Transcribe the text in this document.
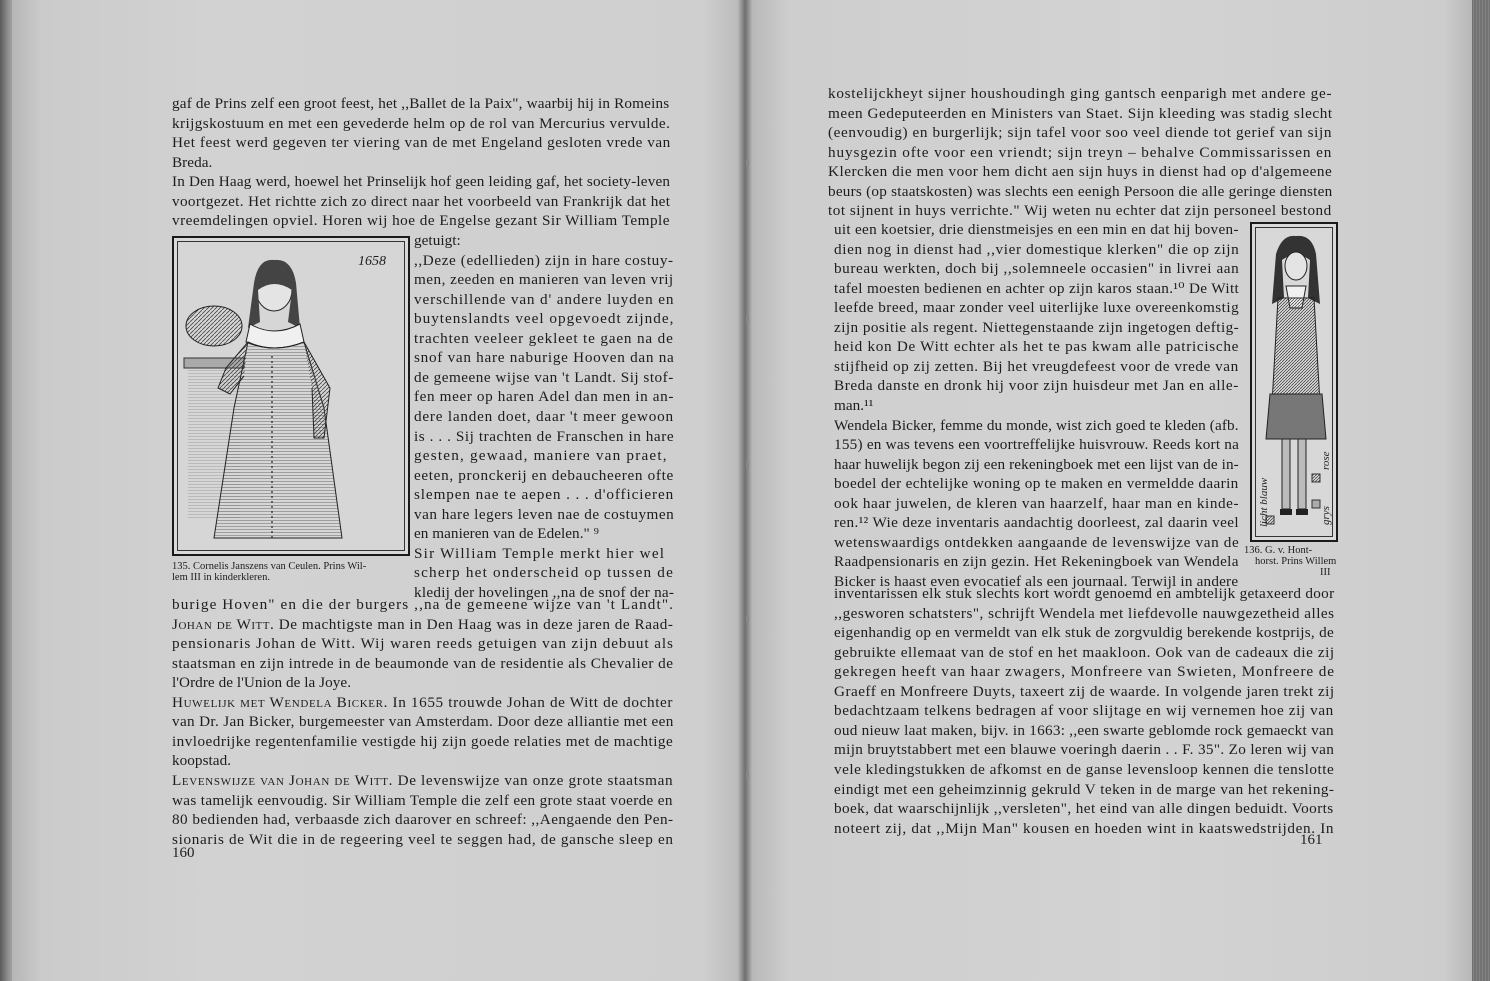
gaf de Prins zelf een groot feest, het ,,Ballet de la Paix", waarbij hij in Romeins
krijgskostuum en met een gevederde helm op de rol van Mercurius vervulde.
Het feest werd gegeven ter viering van de met Engeland gesloten vrede van
Breda.
In Den Haag werd, hoewel het Prinselijk hof geen leiding gaf, het society-leven
voortgezet. Het richtte zich zo direct naar het voorbeeld van Frankrijk dat het
vreemdelingen opviel. Horen wij hoe de Engelse gezant Sir William Temple
getuigt:
,,Deze (edellieden) zijn in hare costuy-
men, zeeden en manieren van leven vrij
verschillende van d' andere luyden en
buytenslandts veel opgevoedt zijnde,
trachten veeleer gekleet te gaen na de
snof van hare naburige Hooven dan na
de gemeene wijse van 't Landt. Sij stof-
fen meer op haren Adel dan men in an-
dere landen doet, daar 't meer gewoon
is . . . Sij trachten de Franschen in hare
gesten, gewaad, maniere van praet,
eeten, pronckerij en debaucheeren ofte
slempen nae te aepen . . . d'officieren
van hare legers leven nae de costuymen
en manieren van de Edelen." ⁹
Sir William Temple merkt hier wel
scherp het onderscheid op tussen de
kledij der hovelingen ,,na de snof der na-
burige Hoven" en die der burgers ,,na de gemeene wijze van 't Landt".
Johan de Witt. De machtigste man in Den Haag was in deze jaren de Raad-
pensionaris Johan de Witt. Wij waren reeds getuigen van zijn debuut als
staatsman en zijn intrede in de beaumonde van de residentie als Chevalier de
l'Ordre de l'Union de la Joye.
Huwelijk met Wendela Bicker. In 1655 trouwde Johan de Witt de dochter
van Dr. Jan Bicker, burgemeester van Amsterdam. Door deze alliantie met een
invloedrijke regentenfamilie vestigde hij zijn goede relaties met de machtige
koopstad.
Levenswijze van Johan de Witt. De levenswijze van onze grote staatsman
was tamelijk eenvoudig. Sir William Temple die zelf een grote staat voerde en
80 bedienden had, verbaasde zich daarover en schreef: ,,Aengaende den Pen-
sionaris de Wit die in de regeering veel te seggen had, de gansche sleep en
1658
135. Cornelis Janszens van Ceulen. Prins Wil-
lem III in kinderkleren.
160
kostelijckheyt sijner houshoudingh ging gantsch eenparigh met andere ge-
meen Gedeputeerden en Ministers van Staet. Sijn kleeding was stadig slecht
(eenvoudig) en burgerlijk; sijn tafel voor soo veel diende tot gerief van sijn
huysgezin ofte voor een vriendt; sijn treyn – behalve Commissarissen en
Klercken die men voor hem dicht aen sijn huys in dienst had op d'algemeene
beurs (op staatskosten) was slechts een eenigh Persoon die alle geringe diensten
tot sijnent in huys verrichte." Wij weten nu echter dat zijn personeel bestond
uit een koetsier, drie dienstmeisjes en een min en dat hij boven-
dien nog in dienst had ,,vier domestique klerken" die op zijn
bureau werkten, doch bij ,,solemneele occasien" in livrei aan
tafel moesten bedienen en achter op zijn karos staan.¹⁰ De Witt
leefde breed, maar zonder veel uiterlijke luxe overeenkomstig
zijn positie als regent. Niettegenstaande zijn ingetogen deftig-
heid kon De Witt echter als het te pas kwam alle patricische
stijfheid op zij zetten. Bij het vreugdefeest voor de vrede van
Breda danste en dronk hij voor zijn huisdeur met Jan en alle-
man.¹¹
Wendela Bicker, femme du monde, wist zich goed te kleden (afb.
155) en was tevens een voortreffelijke huisvrouw. Reeds kort na
haar huwelijk begon zij een rekeningboek met een lijst van de in-
boedel der echtelijke woning op te maken en vermeldde daarin
ook haar juwelen, de kleren van haarzelf, haar man en kinde-
ren.¹² Wie deze inventaris aandachtig doorleest, zal daarin veel
wetenswaardigs ontdekken aangaande de levenswijze van de
Raadpensionaris en zijn gezin. Het Rekeningboek van Wendela
Bicker is haast even evocatief als een journaal. Terwijl in andere
inventarissen elk stuk slechts kort wordt genoemd en ambtelijk getaxeerd door
,,gesworen schatsters", schrijft Wendela met liefdevolle nauwgezetheid alles
eigenhandig op en vermeldt van elk stuk de zorgvuldig berekende kostprijs, de
gebruikte ellemaat van de stof en het maakloon. Ook van de cadeaux die zij
gekregen heeft van haar zwagers, Monfreere van Swieten, Monfreere de
Graeff en Monfreere Duyts, taxeert zij de waarde. In volgende jaren trekt zij
bedachtzaam telkens bedragen af voor slijtage en wij vernemen hoe zij van
oud nieuw laat maken, bijv. in 1663: ,,een swarte geblomde rock gemaeckt van
mijn bruytstabbert met een blauwe voeringh daerin . . F. 35". Zo leren wij van
vele kledingstukken de afkomst en de ganse levensloop kennen die tenslotte
eindigt met een geheimzinnig gekruld V teken in de marge van het rekening-
boek, dat waarschijnlijk ,,versleten", het eind van alle dingen beduidt. Voorts
noteert zij, dat ,,Mijn Man" kousen en hoeden wint in kaatswedstrijden. In
licht blauw	grys
rose
136. G. v. Hont-
horst. Prins Willem
III
161
